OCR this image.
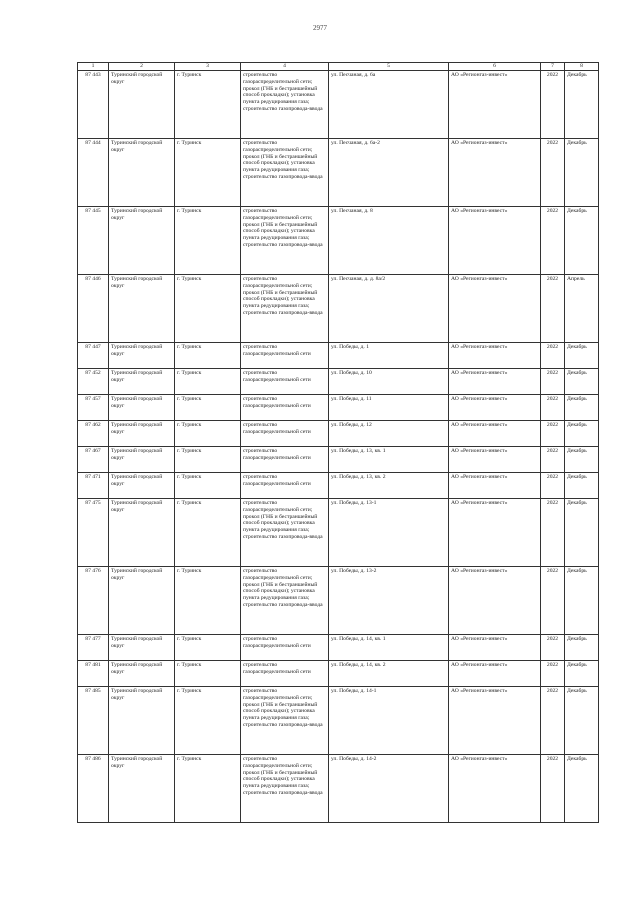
2977
1	2	3	4	5	6	7	8
87 443	Туринский городской округ	г. Туринск	строительство газораспределительной сети; прокол (ГНБ и бестраншейный способ прокладки); установка пункта редуцирования газа; строительство газопровода-ввода	ул. Песчаная, д. 6а	АО «Регионгаз-инвест»	2022	Декабрь
87 444	Туринский городской округ	г. Туринск	строительство газораспределительной сети; прокол (ГНБ и бестраншейный способ прокладки); установка пункта редуцирования газа; строительство газопровода-ввода	ул. Песчаная, д. 6а-2	АО «Регионгаз-инвест»	2022	Декабрь
87 445	Туринский городской округ	г. Туринск	строительство газораспределительной сети; прокол (ГНБ и бестраншейный способ прокладки); установка пункта редуцирования газа; строительство газопровода-ввода	ул. Песчаная, д. 8	АО «Регионгаз-инвест»	2022	Декабрь
87 446	Туринский городской округ	г. Туринск	строительство газораспределительной сети; прокол (ГНБ и бестраншейный способ прокладки); установка пункта редуцирования газа; строительство газопровода-ввода	ул. Песчаная, д. д. 8а/2	АО «Регионгаз-инвест»	2022	Апрель
87 447	Туринский городской округ	г. Туринск	строительство газораспределительной сети	ул. Победы, д. 1	АО «Регионгаз-инвест»	2022	Декабрь
87 452	Туринский городской округ	г. Туринск	строительство газораспределительной сети	ул. Победы, д. 10	АО «Регионгаз-инвест»	2022	Декабрь
87 457	Туринский городской округ	г. Туринск	строительство газораспределительной сети	ул. Победы, д. 11	АО «Регионгаз-инвест»	2022	Декабрь
87 462	Туринский городской округ	г. Туринск	строительство газораспределительной сети	ул. Победы, д. 12	АО «Регионгаз-инвест»	2022	Декабрь
87 467	Туринский городской округ	г. Туринск	строительство газораспределительной сети	ул. Победы, д. 13, кв. 1	АО «Регионгаз-инвест»	2022	Декабрь
87 471	Туринский городской округ	г. Туринск	строительство газораспределительной сети	ул. Победы, д. 13, кв. 2	АО «Регионгаз-инвест»	2022	Декабрь
87 475	Туринский городской округ	г. Туринск	строительство газораспределительной сети; прокол (ГНБ и бестраншейный способ прокладки); установка пункта редуцирования газа; строительство газопровода-ввода	ул. Победы, д. 13-1	АО «Регионгаз-инвест»	2022	Декабрь
87 476	Туринский городской округ	г. Туринск	строительство газораспределительной сети; прокол (ГНБ и бестраншейный способ прокладки); установка пункта редуцирования газа; строительство газопровода-ввода	ул. Победы, д. 13-2	АО «Регионгаз-инвест»	2022	Декабрь
87 477	Туринский городской округ	г. Туринск	строительство газораспределительной сети	ул. Победы, д. 14, кв. 1	АО «Регионгаз-инвест»	2022	Декабрь
87 481	Туринский городской округ	г. Туринск	строительство газораспределительной сети	ул. Победы, д. 14, кв. 2	АО «Регионгаз-инвест»	2022	Декабрь
87 485	Туринский городской округ	г. Туринск	строительство газораспределительной сети; прокол (ГНБ и бестраншейный способ прокладки); установка пункта редуцирования газа; строительство газопровода-ввода	ул. Победы, д. 14-1	АО «Регионгаз-инвест»	2022	Декабрь
87 486	Туринский городской округ	г. Туринск	строительство газораспределительной сети; прокол (ГНБ и бестраншейный способ прокладки); установка пункта редуцирования газа; строительство газопровода-ввода	ул. Победы, д. 14-2	АО «Регионгаз-инвест»	2022	Декабрь
